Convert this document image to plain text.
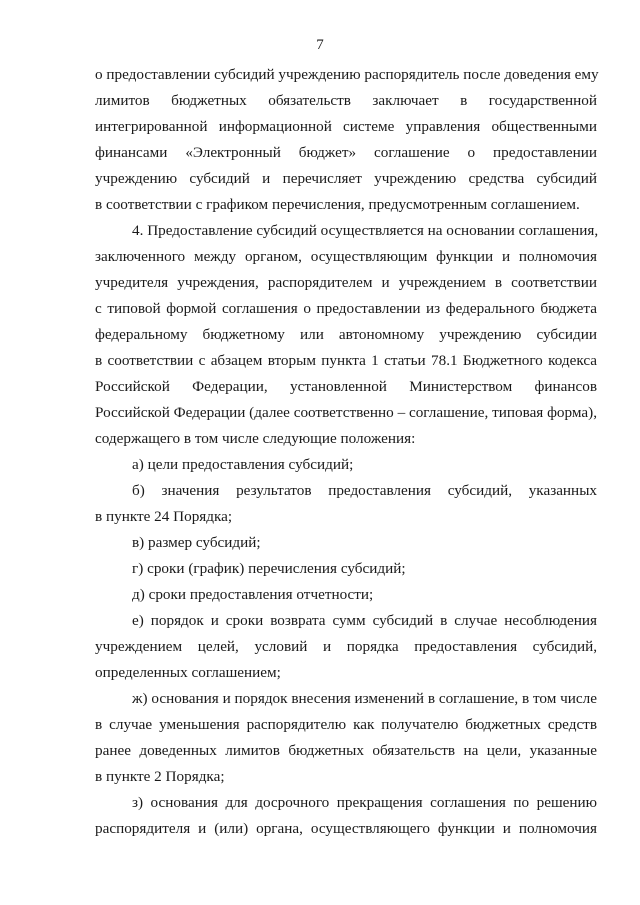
7
о предоставлении субсидий учреждению распорядитель после доведения ему
лимитов бюджетных обязательств заключает в государственной
интегрированной информационной системе управления общественными
финансами «Электронный бюджет» соглашение о предоставлении
учреждению субсидий и перечисляет учреждению средства субсидий
в соответствии с графиком перечисления, предусмотренным соглашением.
4. Предоставление субсидий осуществляется на основании соглашения,
заключенного между органом, осуществляющим функции и полномочия
учредителя учреждения, распорядителем и учреждением в соответствии
с типовой формой соглашения о предоставлении из федерального бюджета
федеральному бюджетному или автономному учреждению субсидии
в соответствии с абзацем вторым пункта 1 статьи 78.1 Бюджетного кодекса
Российской Федерации, установленной Министерством финансов
Российской Федерации (далее соответственно – соглашение, типовая форма),
содержащего в том числе следующие положения:
а) цели предоставления субсидий;
б) значения результатов предоставления субсидий, указанных
в пункте 24 Порядка;
в) размер субсидий;
г) сроки (график) перечисления субсидий;
д) сроки предоставления отчетности;
е) порядок и сроки возврата сумм субсидий в случае несоблюдения
учреждением целей, условий и порядка предоставления субсидий,
определенных соглашением;
ж) основания и порядок внесения изменений в соглашение, в том числе
в случае уменьшения распорядителю как получателю бюджетных средств
ранее доведенных лимитов бюджетных обязательств на цели, указанные
в пункте 2 Порядка;
з) основания для досрочного прекращения соглашения по решению
распорядителя и (или) органа, осуществляющего функции и полномочия
